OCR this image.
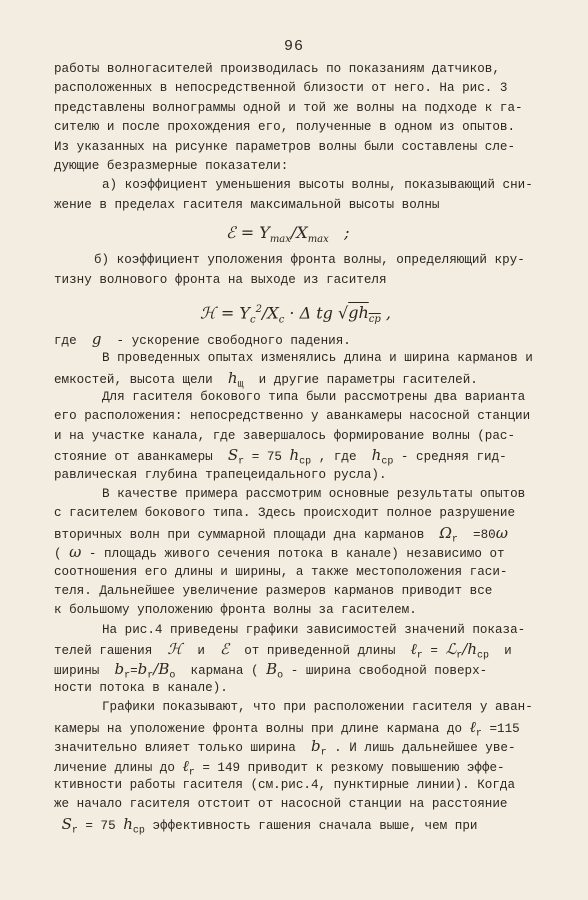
96
работы волногасителей производилась по показаниям датчиков,
расположенных в непосредственной близости от него. На рис. 3
представлены волнограммы одной и той же волны на подходе к га-
сителю и после прохождения его, полученные в одном из опытов.
Из указанных на рисунке параметров волны были составлены сле-
дующие безразмерные показатели:
а) коэффициент уменьшения высоты волны, показывающий сни-
жение в пределах гасителя максимальной высоты волны
ℰ = $Y_{max}/X_{max}$ ;
б) коэффициент уположения фронта волны, определяющий кру-
тизну волнового фронта на выходе из гасителя
ℋ = $Y_c^2/X_c \cdot \Delta$ tg $√gh_{cp}$ ,
где g - ускорение свободного падения.
В проведенных опытах изменялись длина и ширина карманов и
емкостей, высота щели $h_щ$ и другие параметры гасителей.
Для гасителя бокового типа были рассмотрены два варианта
его расположения: непосредственно у аванкамеры насосной станции
и на участке канала, где завершалось формирование волны (рас-
стояние от аванкамеры $S_r = 75$ $h_{cp}$ , где $h_{cp}$ - средняя гид-
равлическая глубина трапецеидального русла).
В качестве примера рассмотрим основные результаты опытов
с гасителем бокового типа. Здесь происходит полное разрушение
вторичных волн при суммарной площади дна карманов $\Omega_r =80\omega$
( ω - площадь живого сечения потока в канале) независимо от
соотношения его длины и ширины, а также местоположения гаси-
теля. Дальнейшее увеличение размеров карманов приводит все
к большому уположению фронта волны за гасителем.
На рис.4 приведены графики зависимостей значений показа-
телей гашения ℋ и ℰ от приведенной длины ℓ$_r$ = $ℒ_r/h_{cp}$ и
ширины $b_r=b_r/B_o$ кармана ( $B_o$ - ширина свободной поверх-
ности потока в канале).
Графики показывают, что при расположении гасителя у аван-
камеры на уположение фронта волны при длине кармана до ℓ$_r$ =115
значительно влияет только ширина $b_r$ . И лишь дальнейшее уве-
личение длины до ℓ$_r$ = 149 приводит к резкому повышению эффе-
ктивности работы гасителя (см.рис.4, пунктирные линии). Когда
же начало гасителя отстоит от насосной станции на расстояние
$S_r = 75$ $h_{cp}$ эффективность гашения сначала выше, чем при
